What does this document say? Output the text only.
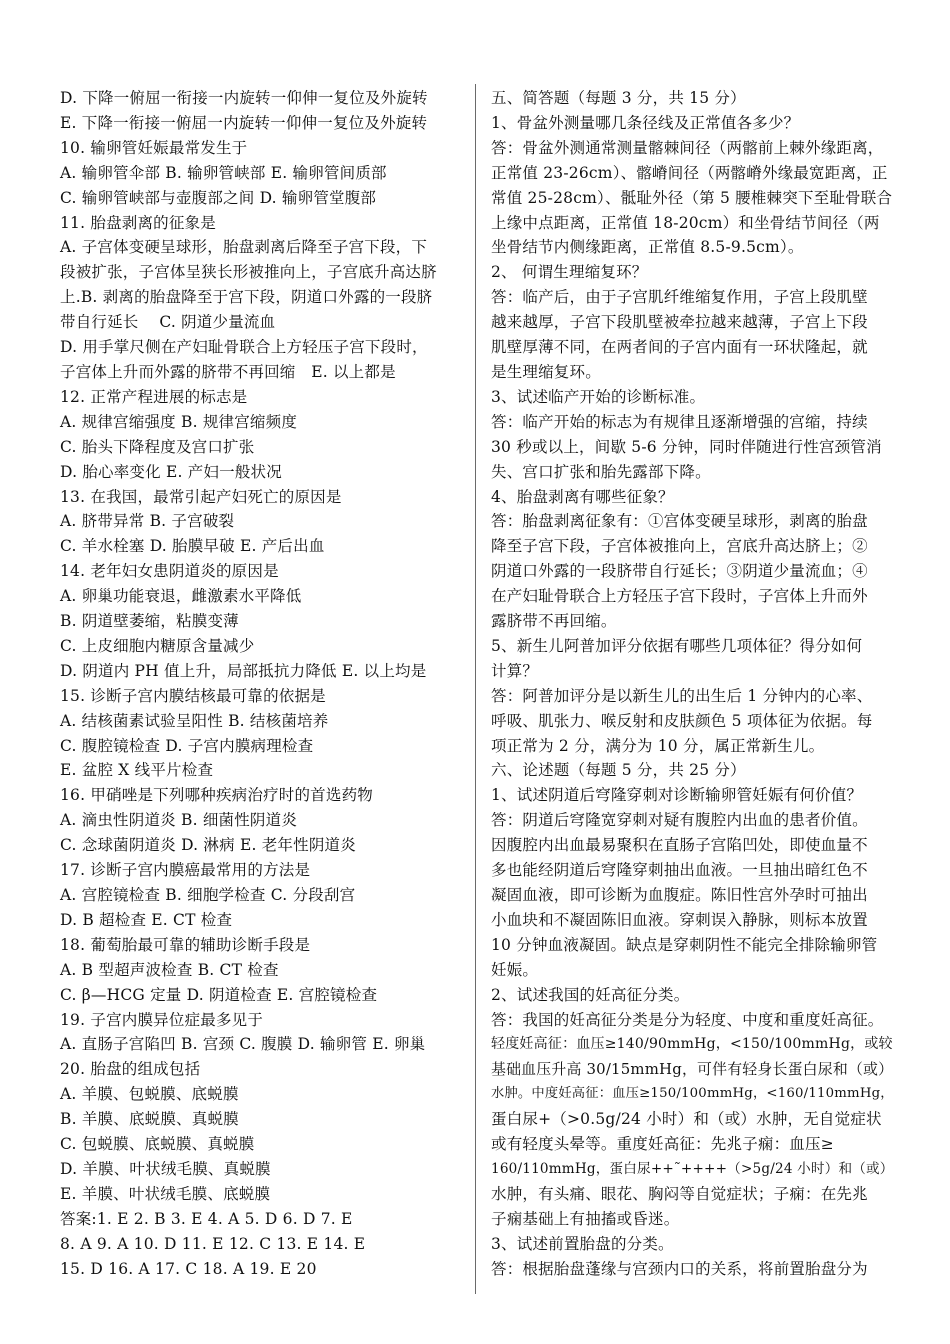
D. 下降一俯屈一衔接一内旋转一仰伸一复位及外旋转
E. 下降一衔接一俯屈一内旋转一仰伸一复位及外旋转
10. 输卵管妊娠最常发生于
A. 输卵管伞部 B. 输卵管峡部 E. 输卵管间质部
C. 输卵管峡部与壶腹部之间 D. 输卵管堂腹部
11. 胎盘剥离的征象是
A. 子宫体变硬呈球形，胎盘剥离后降至子宫下段，下
段被扩张，子宫体呈狭长形被推向上，子宫底升高达脐
上.B. 剥离的胎盘降至于宫下段，阴道口外露的一段脐
带自行延长　 C. 阴道少量流血
D. 用手掌尺侧在产妇耻骨联合上方轻压子宫下段时，
子宫体上升而外露的脐带不再回缩　E. 以上都是
12. 正常产程进展的标志是
A. 规律宫缩强度 B. 规律宫缩频度
C. 胎头下降程度及宫口扩张
D. 胎心率变化 E. 产妇一般状况
13. 在我国，最常引起产妇死亡的原因是
A. 脐带异常 B. 子宫破裂
C. 羊水栓塞 D. 胎膜早破 E. 产后出血
14. 老年妇女患阴道炎的原因是
A. 卵巢功能衰退，雌激素水平降低
B. 阴道壁萎缩，粘膜变薄
C. 上皮细胞内糖原含量减少
D. 阴道内 PH 值上升，局部抵抗力降低 E. 以上均是
15. 诊断子宫内膜结核最可靠的依据是
A. 结核菌素试验呈阳性 B. 结核菌培养
C. 腹腔镜检查 D. 子宫内膜病理检查
E. 盆腔 X 线平片检查
16. 甲硝唑是下列哪种疾病治疗时的首选药物
A. 滴虫性阴道炎 B. 细菌性阴道炎
C. 念球菌阴道炎 D. 淋病 E. 老年性阴道炎
17. 诊断子宫内膜癌最常用的方法是
A. 宫腔镜检查 B. 细胞学检查 C. 分段刮宫
D. B 超检查 E. CT 检查
18. 葡萄胎最可靠的辅助诊断手段是
A. B 型超声波检查 B. CT 检查
C. β—HCG 定量 D. 阴道检查 E. 宫腔镜检查
19. 子宫内膜异位症最多见于
A. 直肠子宫陷凹 B. 宫颈 C. 腹膜 D. 输卵管 E. 卵巢
20. 胎盘的组成包括
A. 羊膜、包蜕膜、底蜕膜
B. 羊膜、底蜕膜、真蜕膜
C. 包蜕膜、底蜕膜、真蜕膜
D. 羊膜、叶状绒毛膜、真蜕膜
E. 羊膜、叶状绒毛膜、底蜕膜
答案:1. E 2. B 3. E 4. A 5. D 6. D 7. E
8. A 9. A 10. D 11. E 12. C 13. E 14. E
15. D 16. A 17. C 18. A 19. E 20
五、简答题（每题 3 分，共 15 分）
1、骨盆外测量哪几条径线及正常值各多少？
答：骨盆外测通常测量髂棘间径（两髂前上棘外缘距离，
正常值 23-26cm）、髂嵴间径（两髂嵴外缘最宽距离，正
常值 25-28cm）、骶耻外径（第 5 腰椎棘突下至耻骨联合
上缘中点距离，正常值 18-20cm）和坐骨结节间径（两
坐骨结节内侧缘距离，正常值 8.5-9.5cm）。
2、 何谓生理缩复环？
答：临产后，由于子宫肌纤维缩复作用，子宫上段肌壁
越来越厚，子宫下段肌壁被牵拉越来越薄，子宫上下段
肌壁厚薄不同，在两者间的子宫内面有一环状隆起，就
是生理缩复环。
3、试述临产开始的诊断标准。
答：临产开始的标志为有规律且逐渐增强的宫缩，持续
30 秒或以上，间歇 5-6 分钟，同时伴随进行性宫颈管消
失、宫口扩张和胎先露部下降。
4、胎盘剥离有哪些征象？
答：胎盘剥离征象有：①宫体变硬呈球形，剥离的胎盘
降至子宫下段，子宫体被推向上，宫底升高达脐上；②
阴道口外露的一段脐带自行延长；③阴道少量流血；④
在产妇耻骨联合上方轻压子宫下段时，子宫体上升而外
露脐带不再回缩。
5、新生儿阿普加评分依据有哪些几项体征？得分如何
计算？
答：阿普加评分是以新生儿的出生后 1 分钟内的心率、
呼吸、肌张力、喉反射和皮肤颜色 5 项体征为依据。每
项正常为 2 分，满分为 10 分，属正常新生儿。
六、论述题（每题 5 分，共 25 分）
1、试述阴道后穹隆穿刺对诊断输卵管妊娠有何价值？
答：阴道后穹隆宽穿刺对疑有腹腔内出血的患者价值。
因腹腔内出血最易聚积在直肠子宫陷凹处，即使血量不
多也能经阴道后穹隆穿刺抽出血液。一旦抽出暗红色不
凝固血液，即可诊断为血腹症。陈旧性宫外孕时可抽出
小血块和不凝固陈旧血液。穿刺误入静脉，则标本放置
10 分钟血液凝固。缺点是穿刺阴性不能完全排除输卵管
妊娠。
2、试述我国的妊高征分类。
答：我国的妊高征分类是分为轻度、中度和重度妊高征。
轻度妊高征：血压≥140/90mmHg，<150/100mmHg，或较
基础血压升高 30/15mmHg，可伴有轻身长蛋白尿和（或）
水肿。中度妊高征：血压≥150/100mmHg，<160/110mmHg，
蛋白尿+（>0.5g/24 小时）和（或）水肿，无自觉症状
或有轻度头晕等。重度妊高征：先兆子痫：血压≥
160/110mmHg，蛋白尿++˜++++（>5g/24 小时）和（或）
水肿，有头痛、眼花、胸闷等自觉症状；子痫：在先兆
子痫基础上有抽搐或昏迷。
3、试述前置胎盘的分类。
答：根据胎盘蓬缘与宫颈内口的关系，将前置胎盘分为
